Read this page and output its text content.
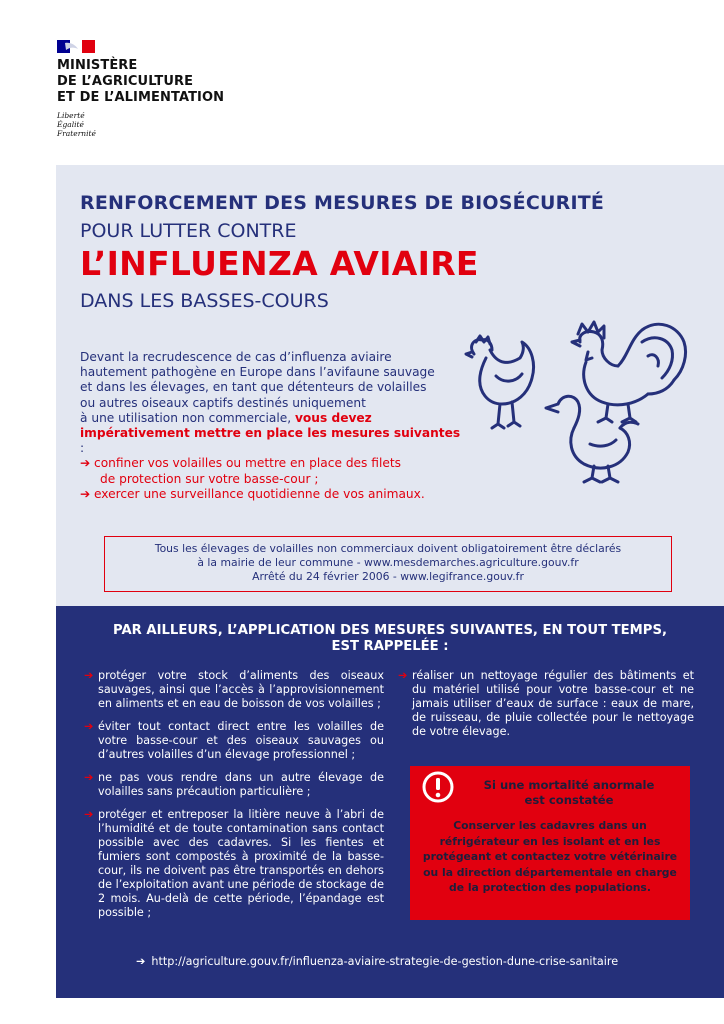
MINISTÈRE
DE L’AGRICULTURE
ET DE L’ALIMENTATION
Liberté
Égalité
Fraternité
RENFORCEMENT DES MESURES DE BIOSÉCURITÉ
POUR LUTTER CONTRE
L’INFLUENZA AVIAIRE
DANS LES BASSES-COURS
Devant la recrudescence de cas d’influenza aviaire
hautement pathogène en Europe dans l’avifaune sauvage
et dans les élevages, en tant que détenteurs de volailles
ou autres oiseaux captifs destinés uniquement
à une utilisation non commerciale, vous devez
impérativement mettre en place les mesures suivantes :
➔ confiner vos volailles ou mettre en place des filets
de protection sur votre basse-cour ;
➔ exercer une surveillance quotidienne de vos animaux.
Tous les élevages de volailles non commerciaux doivent obligatoirement être déclarés
à la mairie de leur commune - www.mesdemarches.agriculture.gouv.fr
Arrêté du 24 février 2006 - www.legifrance.gouv.fr
PAR AILLEURS, L’APPLICATION DES MESURES SUIVANTES, EN TOUT TEMPS,
EST RAPPELÉE :
➔ protéger votre stock d’aliments des oiseaux sauvages, ainsi que l’accès à l’approvisionnement en aliments et en eau de boisson de vos volailles ;
➔ éviter tout contact direct entre les volailles de votre basse-cour et des oiseaux sauvages ou d’autres volailles d’un élevage professionnel ;
➔ ne pas vous rendre dans un autre élevage de volailles sans précaution particulière ;
➔ protéger et entreposer la litière neuve à l’abri de l’humidité et de toute contamination sans contact possible avec des cadavres. Si les fientes et fumiers sont compostés à proximité de la basse-cour, ils ne doivent pas être transportés en dehors de l’exploitation avant une période de stockage de 2 mois. Au-delà de cette période, l’épandage est possible ;
➔ réaliser un nettoyage régulier des bâtiments et du matériel utilisé pour votre basse-cour et ne jamais utiliser d’eaux de surface : eaux de mare, de ruisseau, de pluie collectée pour le nettoyage de votre élevage.
Si une mortalité anormale
est constatée
Conserver les cadavres dans un
réfrigérateur en les isolant et en les
protégeant et contactez votre vétérinaire
ou la direction départementale en charge
de la protection des populations.
➔ http://agriculture.gouv.fr/influenza-aviaire-strategie-de-gestion-dune-crise-sanitaire
